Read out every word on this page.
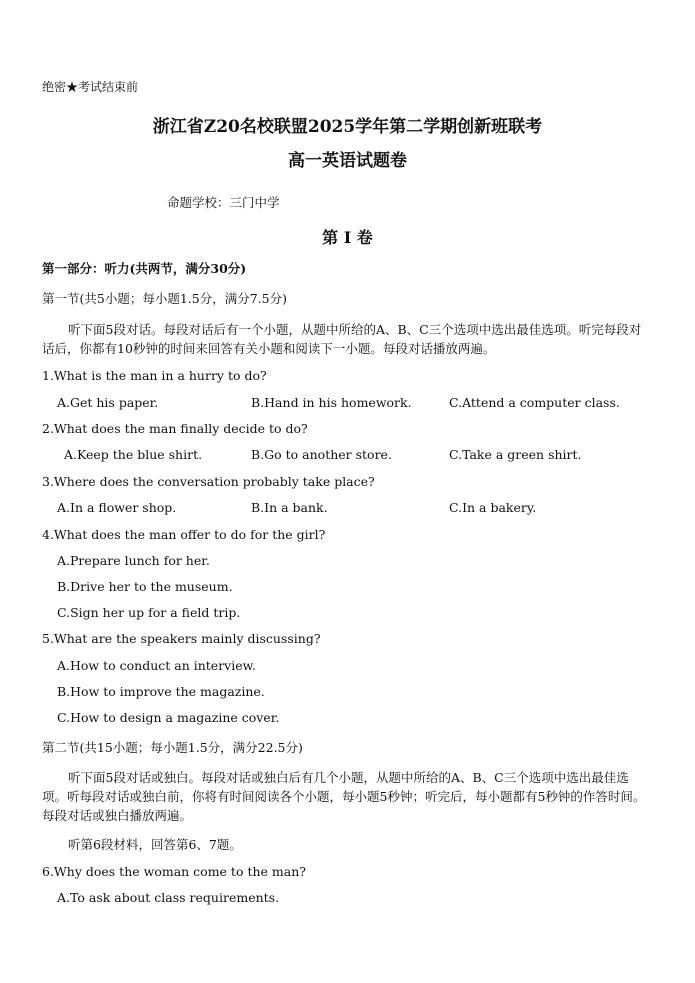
绝密★考试结束前
浙江省Z20名校联盟2025学年第二学期创新班联考
高一英语试题卷
命题学校：三门中学
第 I 卷
第一部分：听力(共两节，满分30分)
第一节(共5小题；每小题1.5分，满分7.5分)
听下面5段对话。每段对话后有一个小题，从题中所给的A、B、C三个选项中选出最佳选项。听完每段对话后，你都有10秒钟的时间来回答有关小题和阅读下一小题。每段对话播放两遍。
1.What is the man in a hurry to do?
A.Get his paper.	B.Hand in his homework.	C.Attend a computer class.
2.What does the man finally decide to do?
A.Keep the blue shirt.	B.Go to another store.	C.Take a green shirt.
3.Where does the conversation probably take place?
A.In a flower shop.	B.In a bank.	C.In a bakery.
4.What does the man offer to do for the girl?
A.Prepare lunch for her.
B.Drive her to the museum.
C.Sign her up for a field trip.
5.What are the speakers mainly discussing?
A.How to conduct an interview.
B.How to improve the magazine.
C.How to design a magazine cover.
第二节(共15小题；每小题1.5分，满分22.5分)
听下面5段对话或独白。每段对话或独白后有几个小题，从题中所给的A、B、C三个选项中选出最佳选项。听每段对话或独白前，你将有时间阅读各个小题，每小题5秒钟；听完后，每小题都有5秒钟的作答时间。每段对话或独白播放两遍。
听第6段材料，回答第6、7题。
6.Why does the woman come to the man?
A.To ask about class requirements.
